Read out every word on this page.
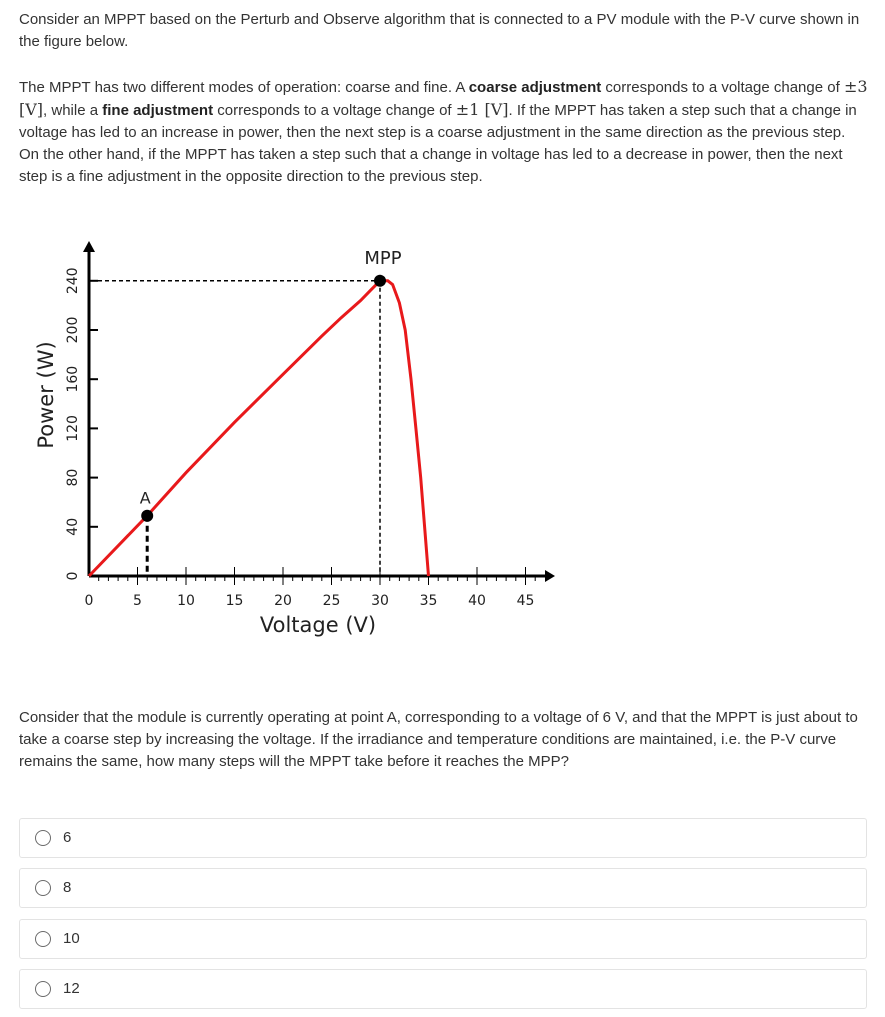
Consider an MPPT based on the Perturb and Observe algorithm that is connected to a PV module with the P-V curve shown in the figure below.

The MPPT has two different modes of operation: coarse and fine. A coarse adjustment corresponds to a voltage change of ±3 [V], while a fine adjustment corresponds to a voltage change of ±1 [V]. If the MPPT has taken a step such that a change in voltage has led to an increase in power, then the next step is a coarse adjustment in the same direction as the previous step. On the other hand, if the MPPT has taken a step such that a change in voltage has led to a decrease in power, then the next step is a fine adjustment in the opposite direction to the previous step.

0	5	10 15 20 25 30 35 40 45
0
40
80
120
160
200
240
A
MPP
Voltage (V)
Power (W)

Consider that the module is currently operating at point A, corresponding to a voltage of 6 V, and that the MPPT is just about to take a coarse step by increasing the voltage. If the irradiance and temperature conditions are maintained, i.e. the P-V curve remains the same, how many steps will the MPPT take before it reaches the MPP?

6
8
10
12
